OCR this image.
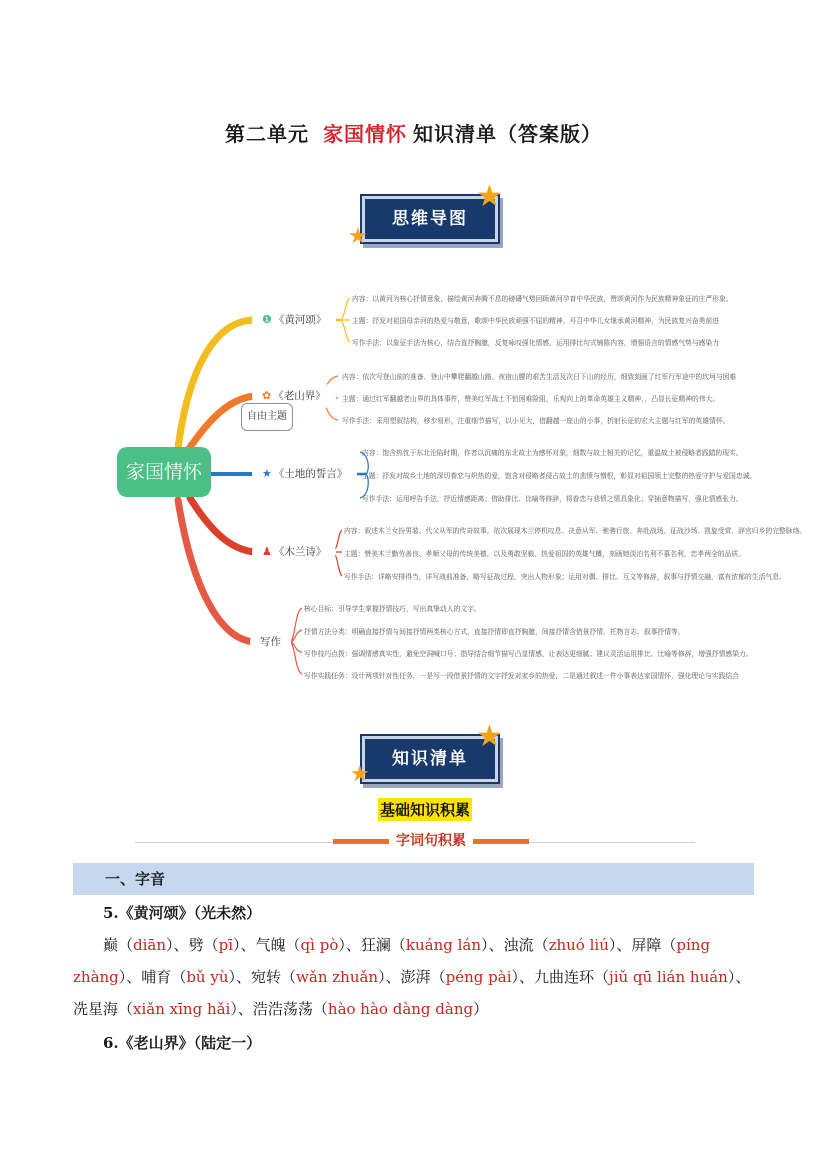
第二单元 家国情怀 知识清单（答案版）
思维导图
★
★
家国情怀
❶ 《黄河颂》
✿ 《老山界》
自由主题
★ 《土地的誓言》
♟ 《木兰诗》
写作
内容：以黄河为核心抒情意象，描绘黄河奔腾不息的磅礴气势回顾黄河孕育中华民族，赞颂黄河作为民族精神象征的庄严形象。
主题：抒发对祖国母亲河的热爱与敬意，歌颂中华民族顽强不屈的精神，号召中华儿女继承黄河精神，为民族复兴奋勇前进
写作手法：以象征手法为核心，结合直抒胸臆，反复咏叹强化情感，运用排比句式铺陈内容，增强语言的情感气势与感染力
内容：依次写登山前的准备、登山中攀爬翻越山路、夜宿山腰的艰苦生活及次日下山的经历，细致刻画了红军行军途中的坎坷与困难
主题：通过红军翻越老山界的具体事件，赞美红军战士不怕困难险阻，乐观向上的革命英雄主义精神，，凸显长征精神的伟大。
写作手法：采用塑叙结构，移步易形，注重细节描写，以小见大，借翻越一座山的小事，折射长征的宏大主题与红军的英雄情怀。
内容：饱含热忱于东北沦陷时期，作者以沉痛的东北故土为感怀对象，细数与故土相关的记忆，重温故土被侵略者践踏的现实。
主题：抒发对故乡土地的深切眷恋与炽热的爱，饱含对侵略者侵占故土的悲愤与憎恨，彰显对祖国领土完整的热爱守护与爱国忠诚。
写作手法：运用呼告手法，抒近情感距离；借助排比、比喻等修辞，将眷恋与悲愤之情具象化；穿插意物描写，强化情感张力。
内容：叙述木兰女扮男装、代父从军的传奇故事，依次展现木兰停机叹息、决意从军、驰骋行旅、奔赴战场、征战沙场、凯旋受赏、辞官归乡的完整脉络。
主题：赞美木兰勤劳善良、孝顺父母的传统美德，以及勇敢坚毅、热爱祖国的英雄气概，刻画她淡泊名利不慕名利，忠孝两全的品质。
写作手法：详略安排得当，详写战前准备，略写征战过程，突出人物形象；运用对偶、排比、互文等修辞，叙事与抒情交融，富有浓郁的生活气息。
核心目标：引导学生掌握抒情技巧，写出真挚动人的文字。
抒情方法分类：明确直接抒情与间接抒情两类核心方式，直接抒情即直抒胸臆，间接抒情含借景抒情、托物言志、叙事抒情等。
写作技巧点拨：强调情感真实性，避免空洞喊口号；指导结合细节描写凸显情感，让表达更细腻；建议灵活运用排比、比喻等修辞，增强抒情感染力。
写作实践任务：设计两项针对性任务，一是写一段借景抒情的文字抒发对家乡的热爱，二是通过叙述一件小事表达家国情怀，强化理论与实践结合
知识清单
★
★
基础知识积累
字词句积累
一、字音
5.《黄河颂》（光未然）
巅（diān）、劈（pī）、气魄（qì pò）、狂澜（kuáng lán）、浊流（zhuó liú）、屏障（píng zhàng）、哺育（bǔ yù）、宛转（wǎn zhuǎn）、澎湃（péng pài）、九曲连环（jiǔ qū lián huán）、冼星海（xiǎn xīng hǎi）、浩浩荡荡（hào hào dàng dàng）
6.《老山界》（陆定一）
